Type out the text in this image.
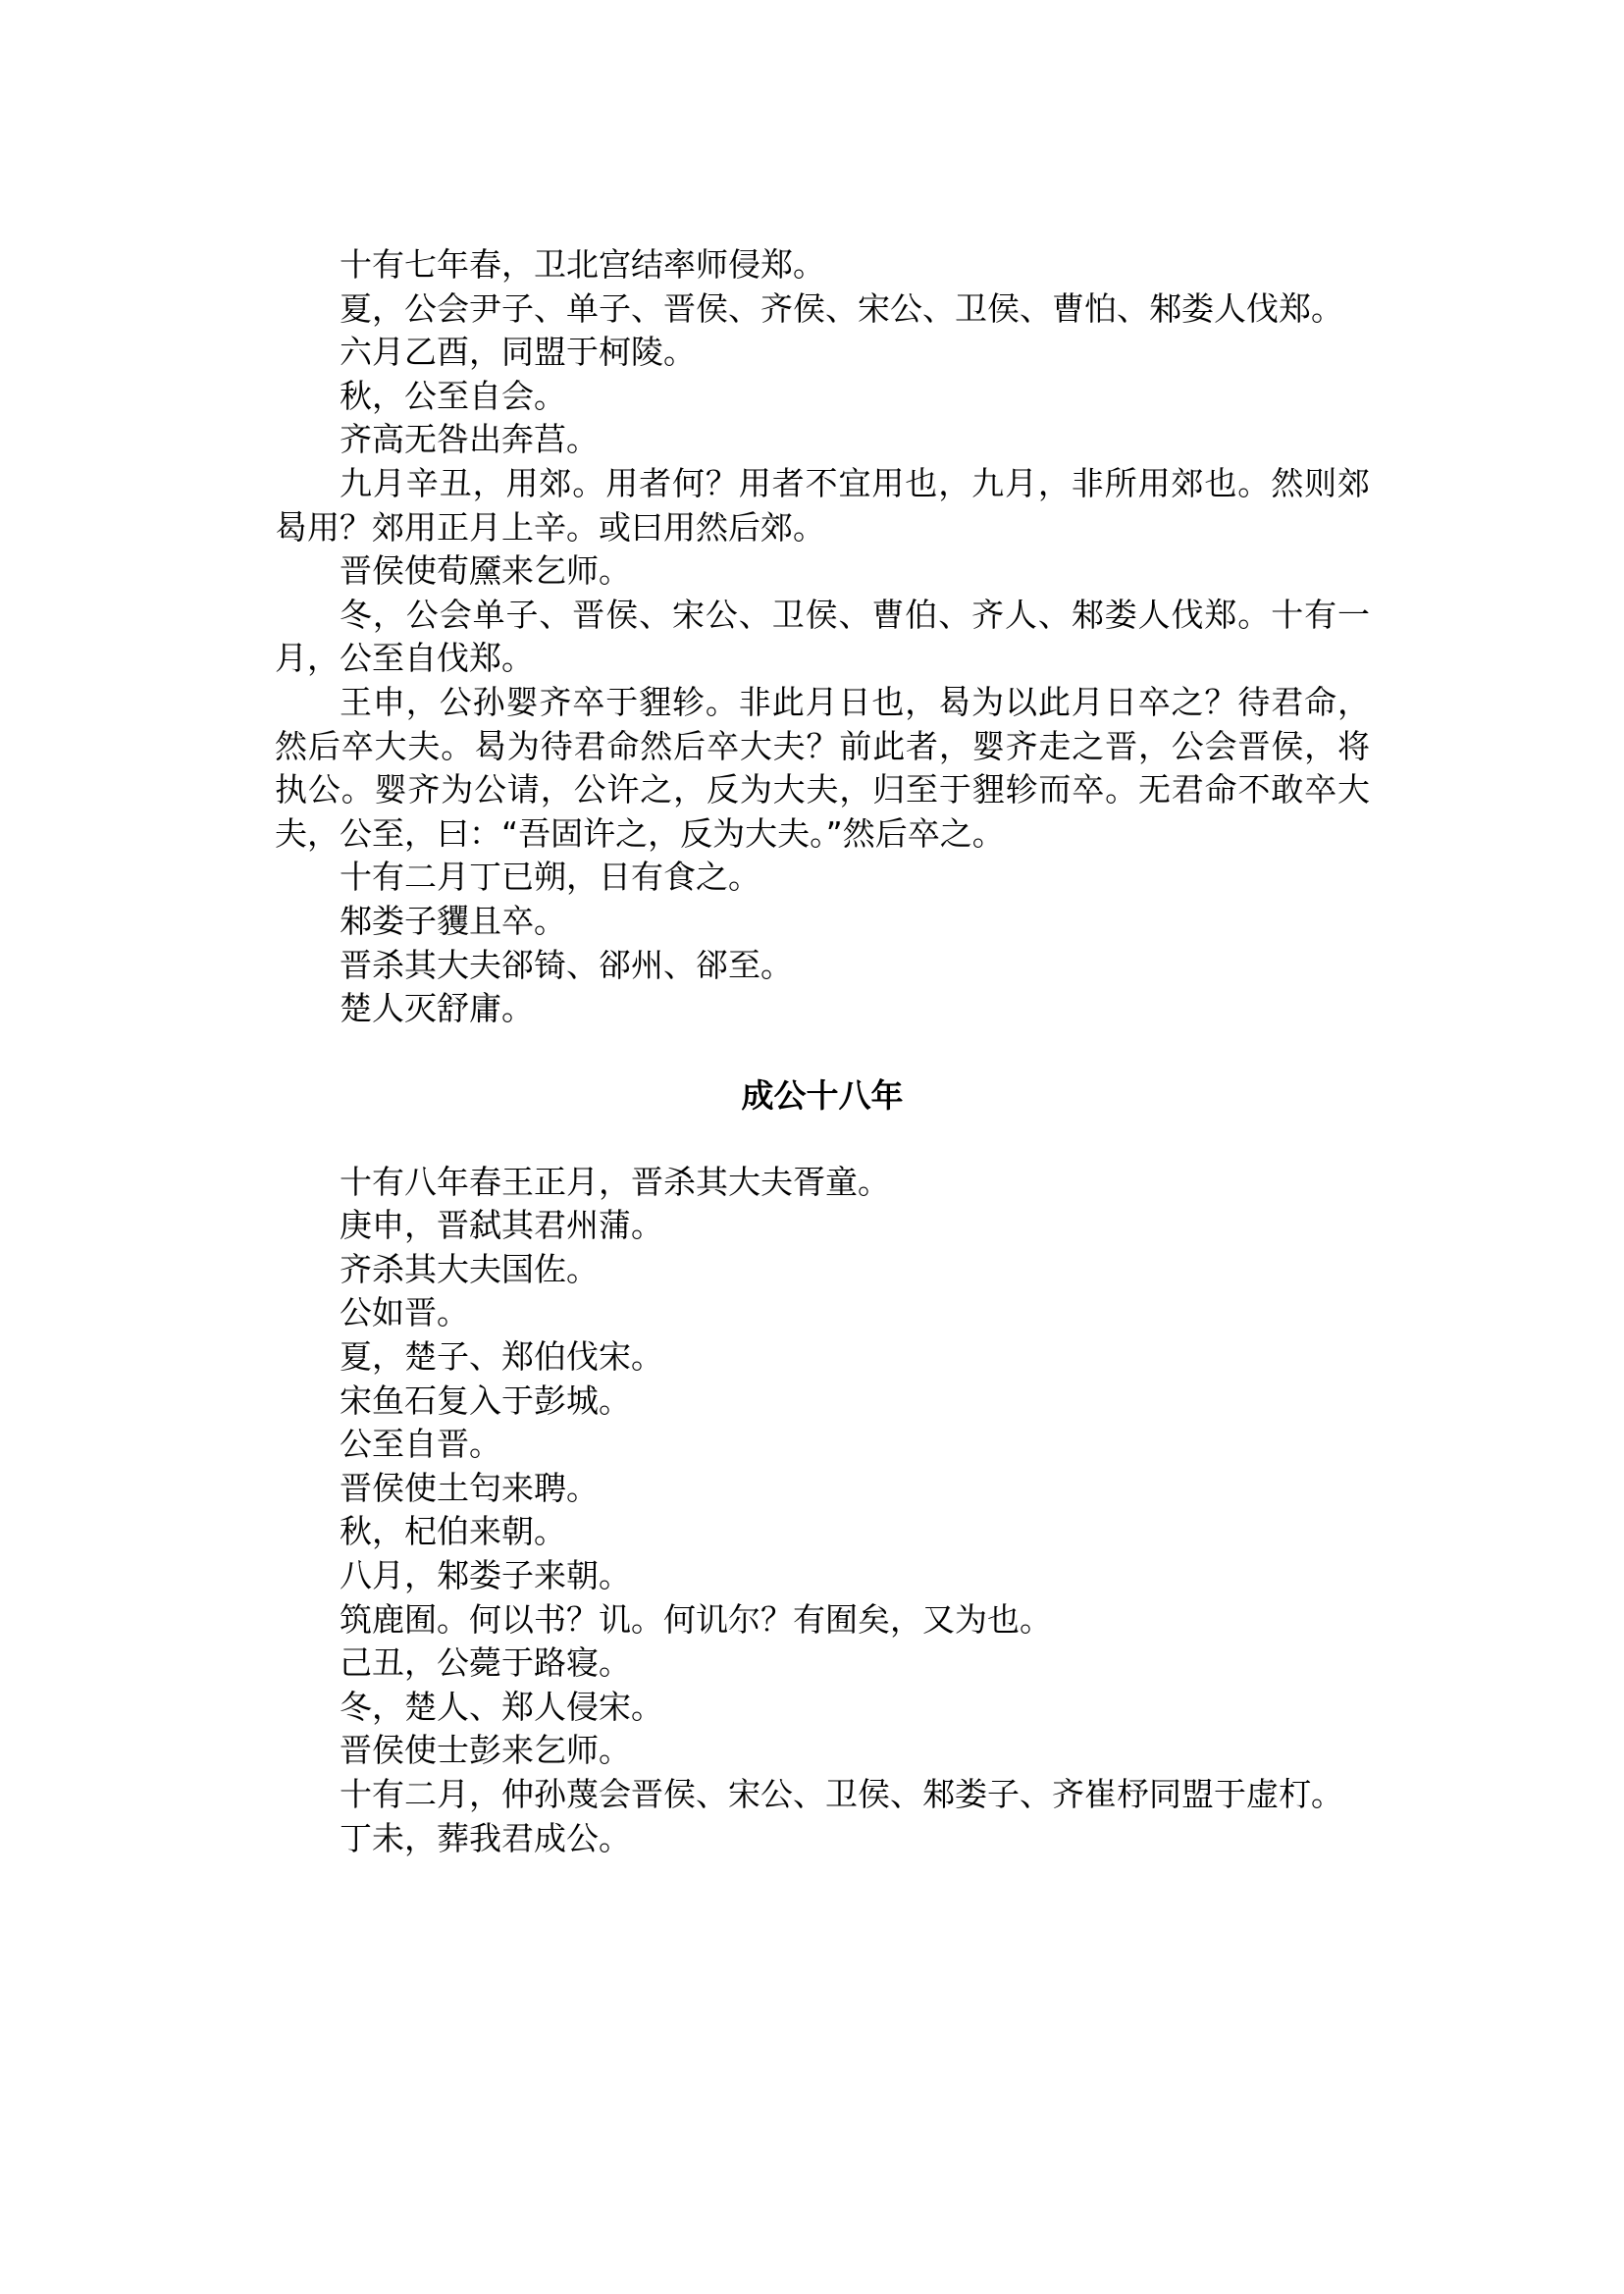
十有七年春，卫北宫结率师侵郑。

夏，公会尹子、单子、晋侯、齐侯、宋公、卫侯、曹怕、邾娄人伐郑。

六月乙酉，同盟于柯陵。

秋，公至自会。

齐高无咎出奔莒。

九月辛丑，用郊。用者何？用者不宜用也，九月，非所用郊也。然则郊曷用？郊用正月上辛。或曰用然后郊。

晋侯使荀黡来乞师。

冬，公会单子、晋侯、宋公、卫侯、曹伯、齐人、邾娄人伐郑。十有一月，公至自伐郑。

王申，公孙婴齐卒于貍轸。非此月日也，曷为以此月日卒之？待君命，然后卒大夫。曷为待君命然后卒大夫？前此者，婴齐走之晋，公会晋侯，将执公。婴齐为公请，公许之，反为大夫，归至于貍轸而卒。无君命不敢卒大夫，公至，曰：“吾固许之，反为大夫。”然后卒之。

十有二月丁已朔，日有食之。

邾娄子貜且卒。

晋杀其大夫郤锜、郤州、郤至。

楚人灭舒庸。

成公十八年

十有八年春王正月，晋杀其大夫胥童。

庚申，晋弑其君州蒲。

齐杀其大夫国佐。

公如晋。

夏，楚子、郑伯伐宋。

宋鱼石复入于彭城。

公至自晋。

晋侯使土匄来聘。

秋，杞伯来朝。

八月，邾娄子来朝。

筑鹿囿。何以书？讥。何讥尔？有囿矣，又为也。

己丑，公薨于路寝。

冬，楚人、郑人侵宋。

晋侯使士彭来乞师。

十有二月，仲孙蔑会晋侯、宋公、卫侯、邾娄子、齐崔杼同盟于虚朾。

丁未，葬我君成公。
